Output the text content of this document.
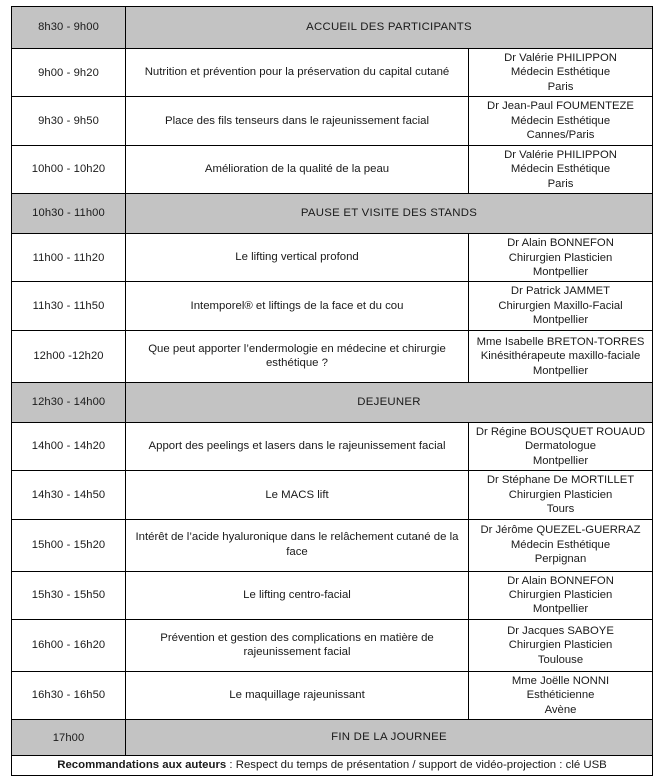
8h30 - 9h00	ACCUEIL DES PARTICIPANTS	
9h00 - 9h20	Nutrition et prévention pour la préservation du capital cutané	Dr Valérie PHILIPPON
Médecin Esthétique
Paris

9h30 - 9h50	Place des fils tenseurs dans le rajeunissement facial	Dr Jean-Paul FOUMENTEZE
Médecin Esthétique
Cannes/Paris

10h00 - 10h20	Amélioration de la qualité de la peau	Dr Valérie PHILIPPON
Médecin Esthétique
Paris

10h30 - 11h00	PAUSE ET VISITE DES STANDS	
11h00 - 11h20	Le lifting vertical profond	Dr Alain BONNEFON
Chirurgien Plasticien
Montpellier

11h30 - 11h50	Intemporel® et liftings de la face et du cou	Dr Patrick JAMMET
Chirurgien Maxillo-Facial
Montpellier

12h00 -12h20	Que peut apporter l’endermologie en médecine et chirurgie esthétique ?	Mme Isabelle BRETON-TORRES
Kinésithérapeute maxillo-faciale
Montpellier

12h30 - 14h00	DEJEUNER	
14h00 - 14h20	Apport des peelings et lasers dans le rajeunissement facial	Dr Régine BOUSQUET ROUAUD
Dermatologue
Montpellier

14h30 - 14h50	Le MACS lift	Dr Stéphane De MORTILLET
Chirurgien Plasticien
Tours

15h00 - 15h20	Intérêt de l’acide hyaluronique dans le relâchement cutané de la face	Dr Jérôme QUEZEL-GUERRAZ
Médecin Esthétique
Perpignan

15h30 - 15h50	Le lifting centro-facial	Dr Alain BONNEFON
Chirurgien Plasticien
Montpellier

16h00 - 16h20	Prévention et gestion des complications en matière de rajeunissement facial	Dr Jacques SABOYE
Chirurgien Plasticien
Toulouse

16h30 - 16h50	Le maquillage rajeunissant	Mme Joëlle NONNI
Esthéticienne
Avène

17h00	FIN DE LA JOURNEE	
Recommandations aux auteurs : Respect du temps de présentation / support de vidéo-projection : clé USB		
